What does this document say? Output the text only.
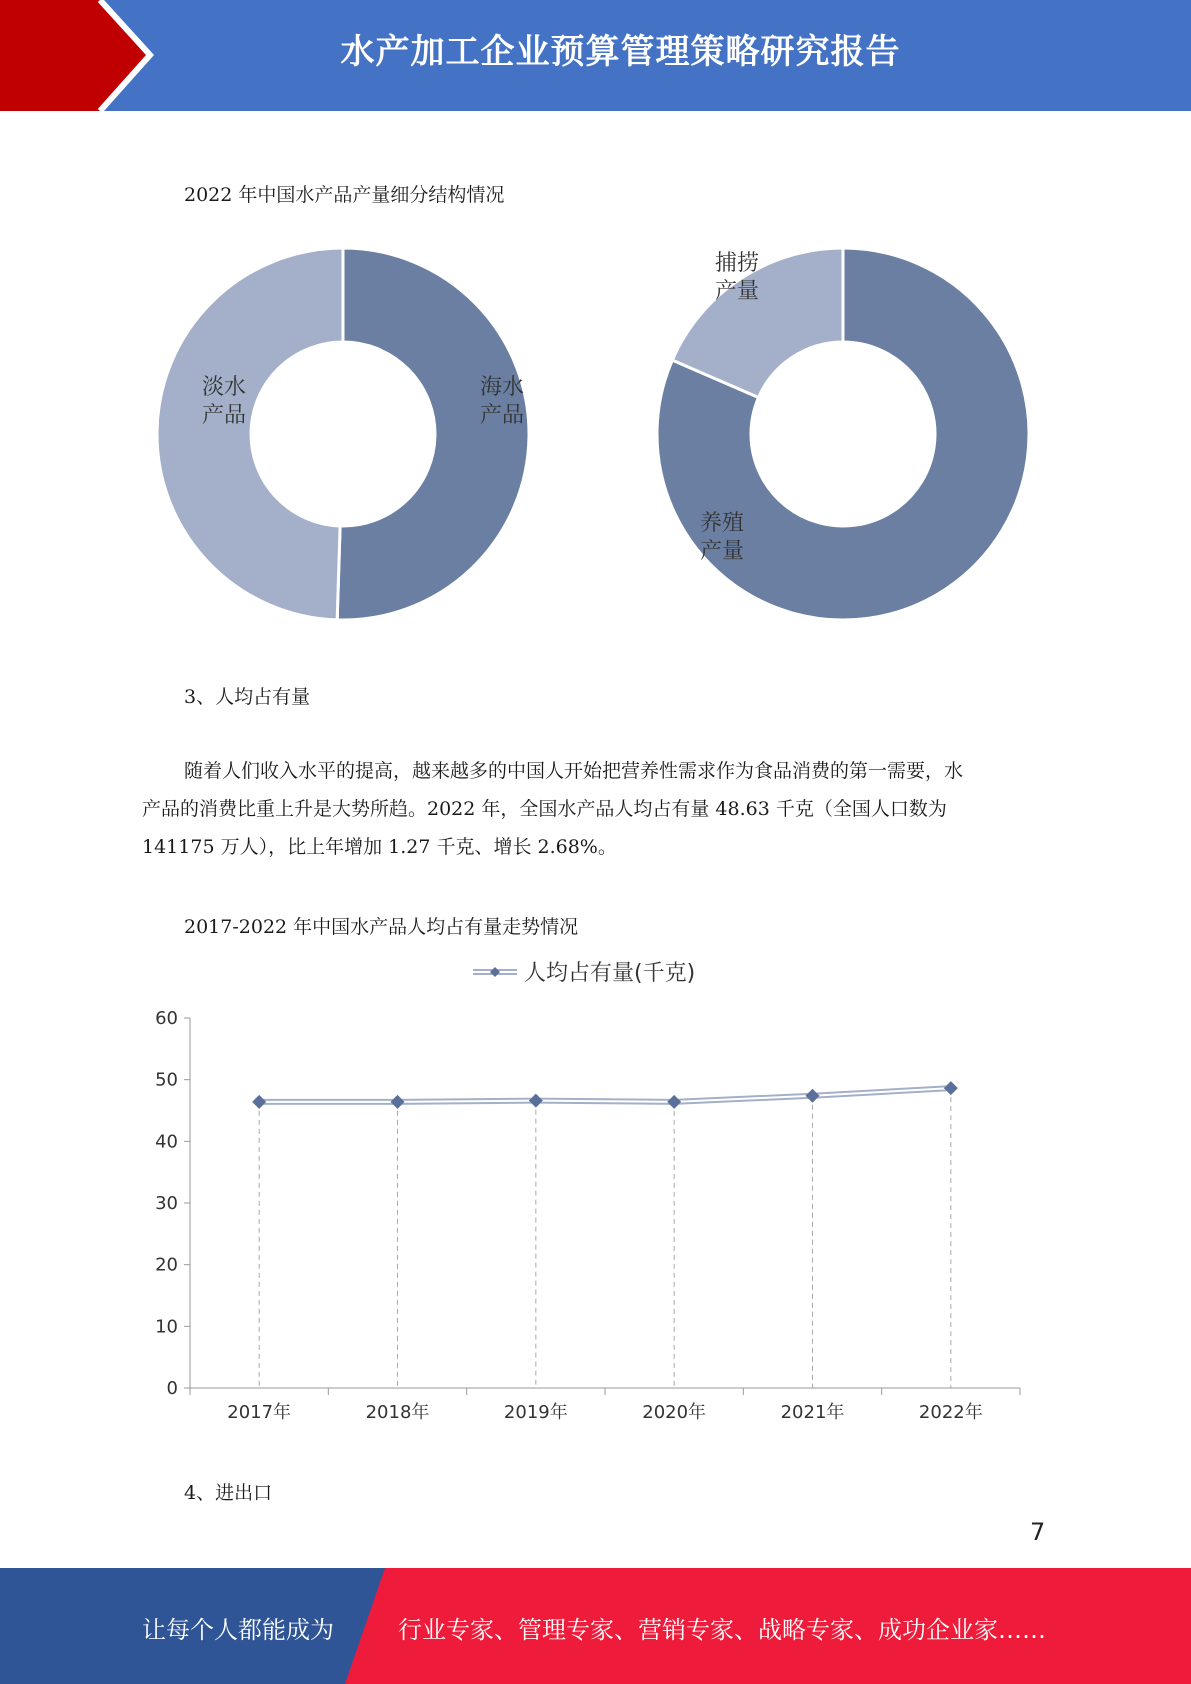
水产加工企业预算管理策略研究报告
2022 年中国水产品产量细分结构情况
海水产品
淡水产品
养殖产量
捕捞产量
3、人均占有量
随着人们收入水平的提高，越来越多的中国人开始把营养性需求作为食品消费的第一需要，水
产品的消费比重上升是大势所趋。2022 年，全国水产品人均占有量 48.63 千克（全国人口数为
141175 万人），比上年增加 1.27 千克、增长 2.68%。
2017-2022 年中国水产品人均占有量走势情况
人均占有量(千克)
0
10
20
30
40
50
60
2017年	2018年	2019年	2020年	2021年	2022年
4、进出口
7
让每个人都能成为	行业专家、管理专家、营销专家、战略专家、成功企业家……
